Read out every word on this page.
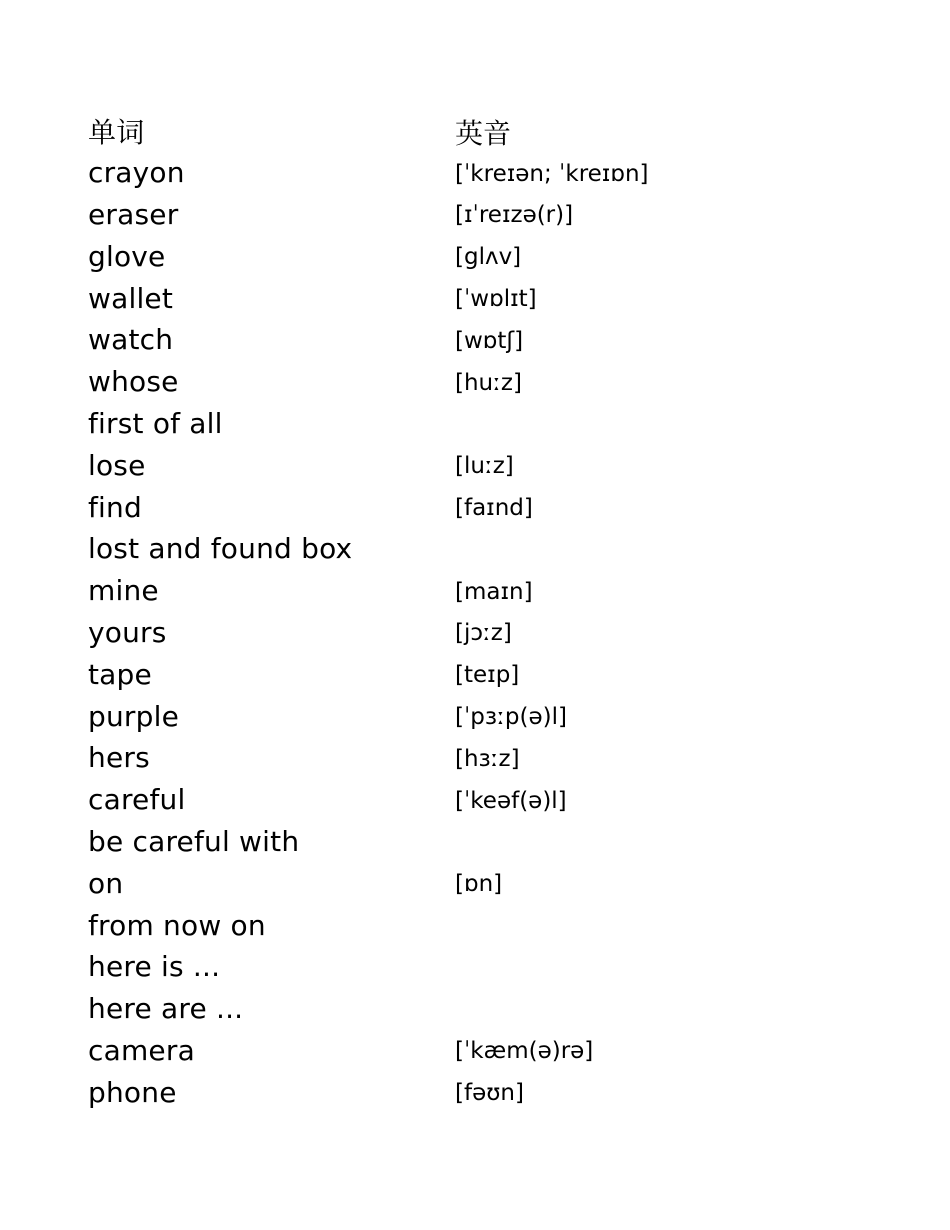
单词	英音
crayon	[ˈkreɪən; ˈkreɪɒn]
eraser	[ɪˈreɪzə(r)]
glove	[glʌv]
wallet	[ˈwɒlɪt]
watch	[wɒtʃ]
whose	[huːz]
first of all
lose	[luːz]
find	[faɪnd]
lost and found box
mine	[maɪn]
yours	[jɔːz]
tape	[teɪp]
purple	[ˈpɜːp(ə)l]
hers	[hɜːz]
careful	[ˈkeəf(ə)l]
be careful with
on	[ɒn]
from now on
here is ...
here are ...
camera	[ˈkæm(ə)rə]
phone	[fəʊn]
